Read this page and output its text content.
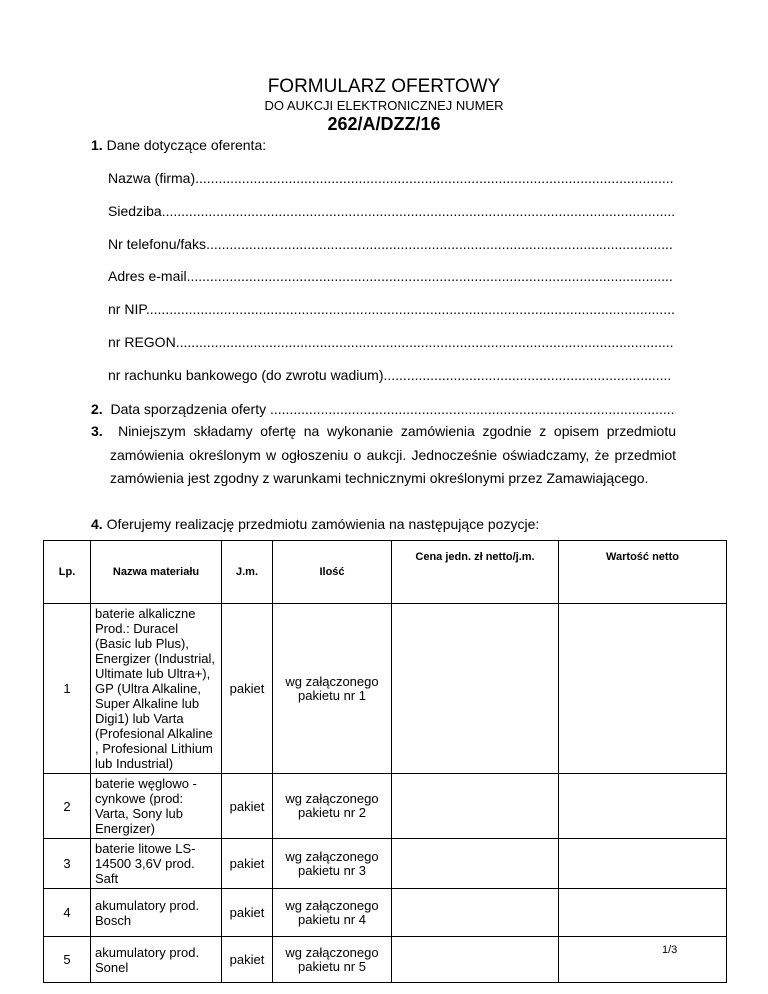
FORMULARZ OFERTOWY
DO AUKCJI ELEKTRONICZNEJ NUMER
262/A/DZZ/16
1. Dane dotyczące oferenta:
Nazwa (firma) .....
Siedziba .....
Nr telefonu/faks .....
Adres e-mail .....
nr NIP .....
nr REGON .....
nr rachunku bankowego (do zwrotu wadium) .....
2. Data sporządzenia oferty .....
3. Niniejszym składamy ofertę na wykonanie zamówienia zgodnie z opisem przedmiotu zamówienia określonym w ogłoszeniu o aukcji. Jednocześnie oświadczamy, że przedmiot zamówienia jest zgodny z warunkami technicznymi określonymi przez Zamawiającego.
4. Oferujemy realizację przedmiotu zamówienia na następujące pozycje:
Lp.	Nazwa materiału	J.m.	Ilość	Cena jedn. zł netto/j.m.	Wartość netto
1	baterie alkaliczne Prod.: Duracel (Basic lub Plus), Energizer (Industrial, Ultimate lub Ultra+), GP (Ultra Alkaline, Super Alkaline lub Digi1) lub Varta (Profesional Alkaline , Profesional Lithium lub Industrial)	pakiet	wg załączonego pakietu nr 1		
2	baterie węglowo - cynkowe (prod: Varta, Sony lub Energizer)	pakiet	wg załączonego pakietu nr 2		
3	baterie litowe LS-14500 3,6V prod. Saft	pakiet	wg załączonego pakietu nr 3		
4	akumulatory prod. Bosch	pakiet	wg załączonego pakietu nr 4		
5	akumulatory prod. Sonel	pakiet	wg załączonego pakietu nr 5		
1/3
